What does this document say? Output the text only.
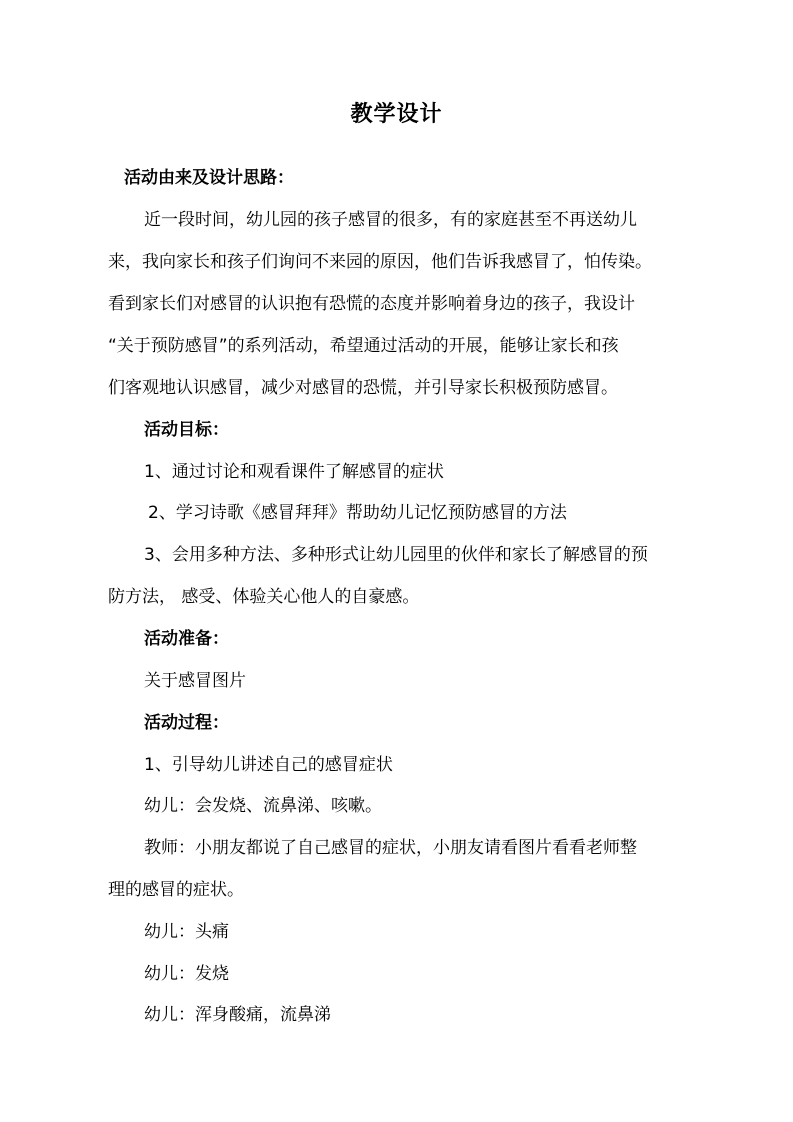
教学设计
活动由来及设计思路：
近一段时间，幼儿园的孩子感冒的很多，有的家庭甚至不再送幼儿
来，我向家长和孩子们询问不来园的原因，他们告诉我感冒了，怕传染。
看到家长们对感冒的认识抱有恐慌的态度并影响着身边的孩子，我设计
“关于预防感冒”的系列活动，希望通过活动的开展，能够让家长和孩
们客观地认识感冒，减少对感冒的恐慌，并引导家长积极预防感冒。
活动目标：
1、通过讨论和观看课件了解感冒的症状
2、学习诗歌《感冒拜拜》帮助幼儿记忆预防感冒的方法
3、会用多种方法、多种形式让幼儿园里的伙伴和家长了解感冒的预
防方法， 感受、体验关心他人的自豪感。
活动准备：
关于感冒图片
活动过程：
1、引导幼儿讲述自己的感冒症状
幼儿：会发烧、流鼻涕、咳嗽。
教师：小朋友都说了自己感冒的症状，小朋友请看图片看看老师整
理的感冒的症状。
幼儿：头痛
幼儿：发烧
幼儿：浑身酸痛，流鼻涕
